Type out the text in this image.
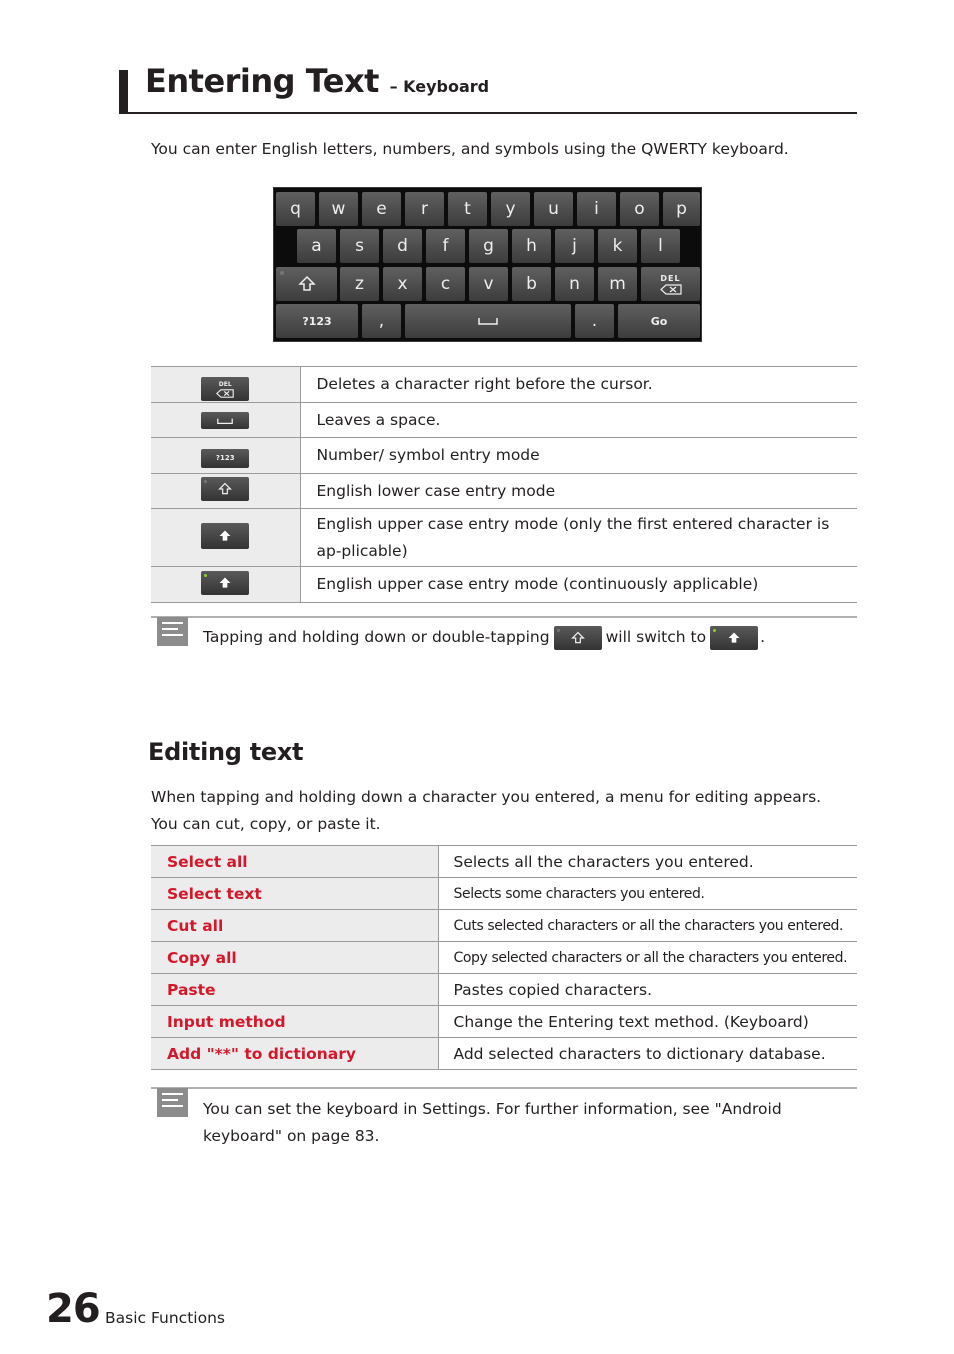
Entering Text – Keyboard

You can enter English letters, numbers, and symbols using the QWERTY keyboard.

q	w	e	r	t	y	u	i	o	p
a	s	d	f	g	h	j	k	l
z	x	c	v	b	n	m	DEL
?123	,	.	Go
DEL	Deletes a character right before the cursor.

	Leaves a space.
?123	Number/ symbol entry mode

	English lower case entry mode

	English upper case entry mode (only the first entered character is ap-plicable)

	English upper case entry mode (continuously applicable)
Tapping and holding down or double-tapping	will switch to	.
Editing text

When tapping and holding down a character you entered, a menu for editing appears. You can cut, copy, or paste it.

Select all	Selects all the characters you entered.
Select text	Selects some characters you entered.
Cut all	Cuts selected characters or all the characters you entered.
Copy all	Copy selected characters or all the characters you entered.
Paste	Pastes copied characters.
Input method	Change the Entering text method. (Keyboard)
Add "**" to dictionary	Add selected characters to dictionary database.

You can set the keyboard in Settings. For further information, see "Android keyboard" on page 83.

26 Basic Functions
